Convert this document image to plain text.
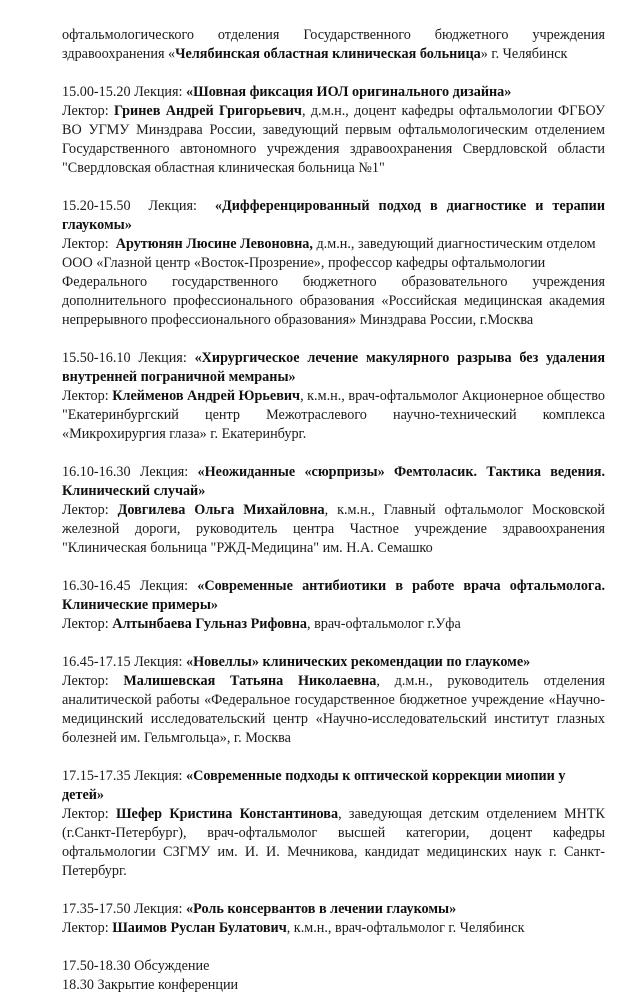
офтальмологического отделения Государственного бюджетного учреждения
здравоохранения «Челябинская областная клиническая больница» г. Челябинск
15.00-15.20 Лекция: «Шовная фиксация ИОЛ оригинального дизайна»
Лектор: Гринев Андрей Григорьевич, д.м.н., доцент кафедры офтальмологии ФГБОУ ВО УГМУ Минздрава России, заведующий первым офтальмологическим отделением Государственного автономного учреждения здравоохранения Свердловской области "Свердловская областная клиническая больница №1"
15.20-15.50 Лекция: «Дифференцированный подход в диагностике и терапии глаукомы»
Лектор: Арутюнян Люсине Левоновна, д.м.н., заведующий диагностическим отделом
ООО «Глазной центр «Восток-Прозрение», профессор кафедры офтальмологии
Федерального государственного бюджетного образовательного учреждения дополнительного профессионального образования «Российская медицинская академия непрерывного профессионального образования» Минздрава России, г.Москва
15.50-16.10 Лекция: «Хирургическое лечение макулярного разрыва без удаления внутренней пограничной мемраны»
Лектор: Клейменов Андрей Юрьевич, к.м.н., врач-офтальмолог Акционерное общество "Екатеринбургский центр Межотраслевого научно-технический комплекса «Микрохирургия глаза» г. Екатеринбург.
16.10-16.30 Лекция: «Неожиданные «сюрпризы» Фемтоласик. Тактика ведения. Клинический случай»
Лектор: Довгилева Ольга Михайловна, к.м.н., Главный офтальмолог Московской железной дороги, руководитель центра Частное учреждение здравоохранения "Клиническая больница "РЖД-Медицина" им. Н.А. Семашко
16.30-16.45 Лекция: «Современные антибиотики в работе врача офтальмолога. Клинические примеры»
Лектор: Алтынбаева Гульназ Рифовна, врач-офтальмолог г.Уфа
16.45-17.15 Лекция: «Новеллы» клинических рекомендации по глаукоме»
Лектор: Малишевская Татьяна Николаевна, д.м.н., руководитель отделения аналитической работы «Федеральное государственное бюджетное учреждение «Научно-медицинский исследовательский центр «Научно-исследовательский институт глазных болезней им. Гельмгольца», г. Москва
17.15-17.35 Лекция: «Современные подходы к оптической коррекции миопии у детей»
Лектор: Шефер Кристина Константинова, заведующая детским отделением МНТК (г.Санкт-Петербург), врач-офтальмолог высшей категории, доцент кафедры офтальмологии СЗГМУ им. И. И. Мечникова, кандидат медицинских наук г. Санкт-Петербург.
17.35-17.50 Лекция: «Роль консервантов в лечении глаукомы»
Лектор: Шаимов Руслан Булатович, к.м.н., врач-офтальмолог г. Челябинск
17.50-18.30 Обсуждение
18.30 Закрытие конференции
